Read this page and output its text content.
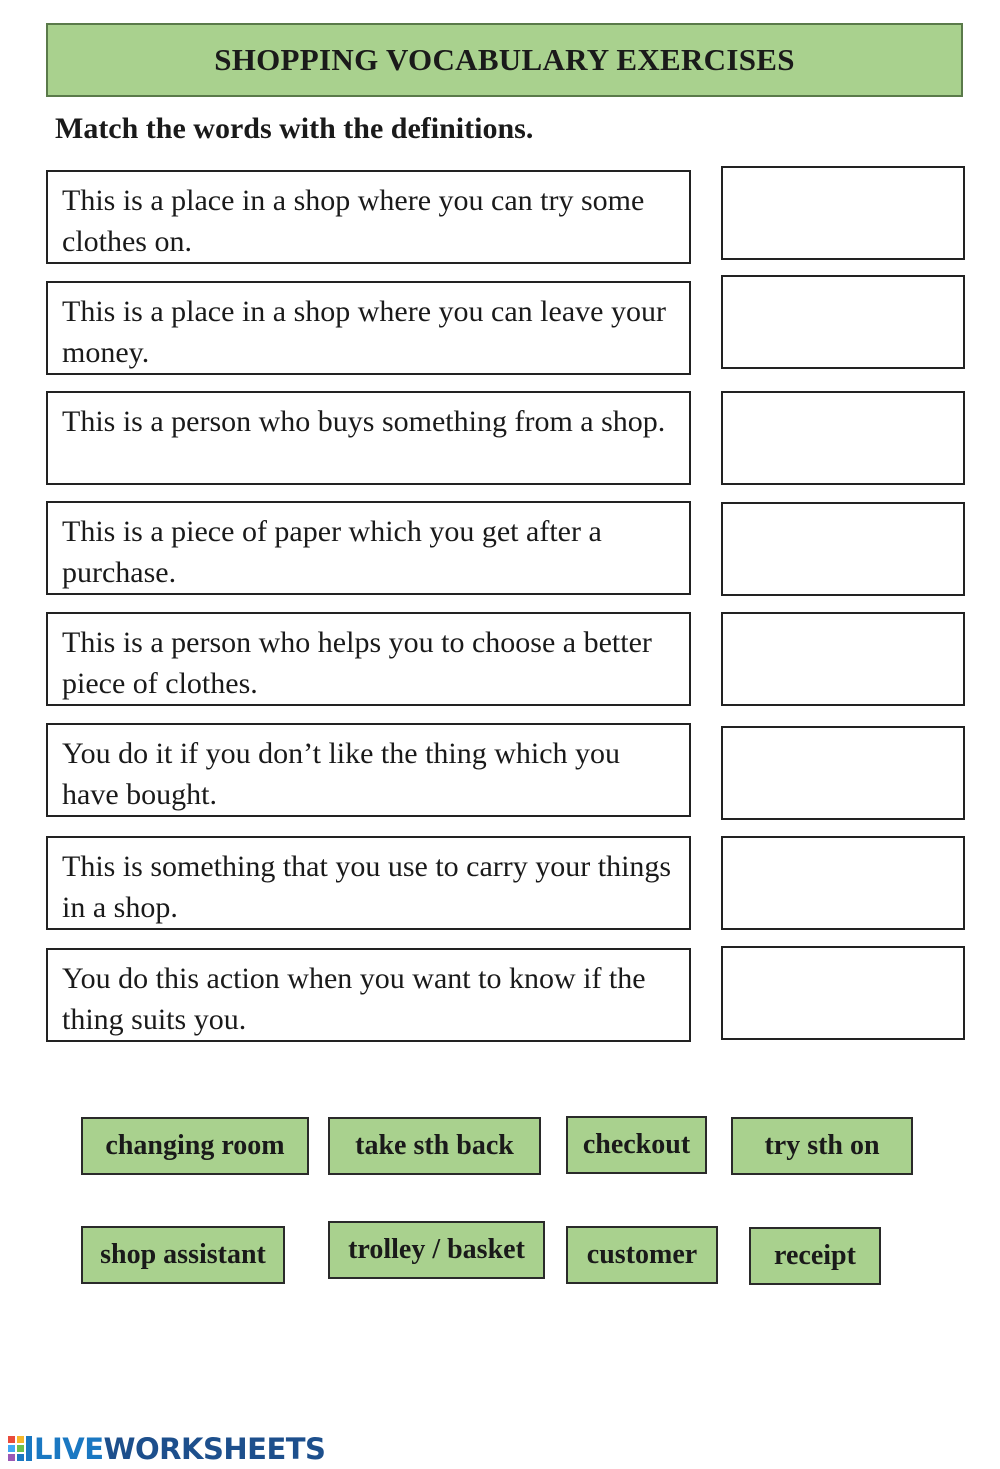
SHOPPING VOCABULARY EXERCISES
Match the words with the definitions.
This is a place in a shop where you can try some clothes on.
This is a place in a shop where you can leave your money.
This is a person who buys something from a shop.
This is a piece of paper which you get after a purchase.
This is a person who helps you to choose a better piece of clothes.
You do it if you don’t like the thing which you have bought.
This is something that you use to carry your things in a shop.
You do this action when you want to know if the thing suits you.
changing room	take sth back	checkout	try sth on
shop assistant	trolley / basket	customer	receipt
LIVE WORKSHEETS
